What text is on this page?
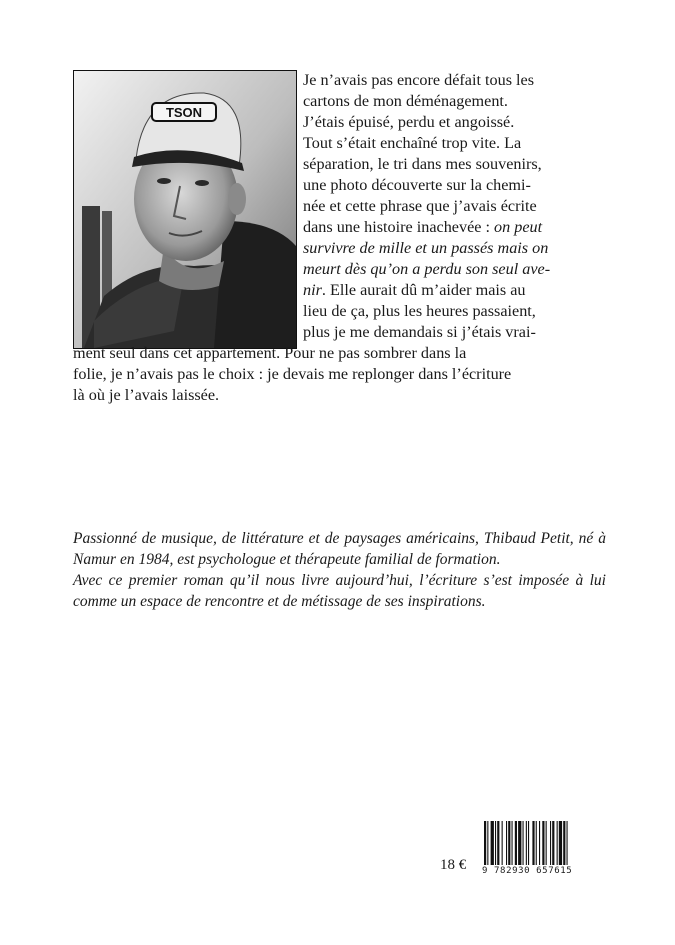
TSON
Je n’avais pas encore défait tous les
cartons de mon déménagement.
J’étais épuisé, perdu et angoissé.
Tout s’était enchaîné trop vite. La
séparation, le tri dans mes souvenirs,
une photo découverte sur la chemi-
née et cette phrase que j’avais écrite
dans une histoire inachevée : on peut
survivre de mille et un passés mais on
meurt dès qu’on a perdu son seul ave-
nir. Elle aurait dû m’aider mais au
lieu de ça, plus les heures passaient,
plus je me demandais si j’étais vrai-
ment seul dans cet appartement. Pour ne pas sombrer dans la
folie, je n’avais pas le choix : je devais me replonger dans l’écriture
là où je l’avais laissée.

Passionné de musique, de littérature et de paysages américains, Thibaud Petit, né à Namur en 1984, est psychologue et thérapeute familial de formation.

Avec ce premier roman qu’il nous livre aujourd’hui, l’écriture s’est imposée à lui comme un espace de rencontre et de métissage de ses inspirations.

18 € 9 782930 657615
